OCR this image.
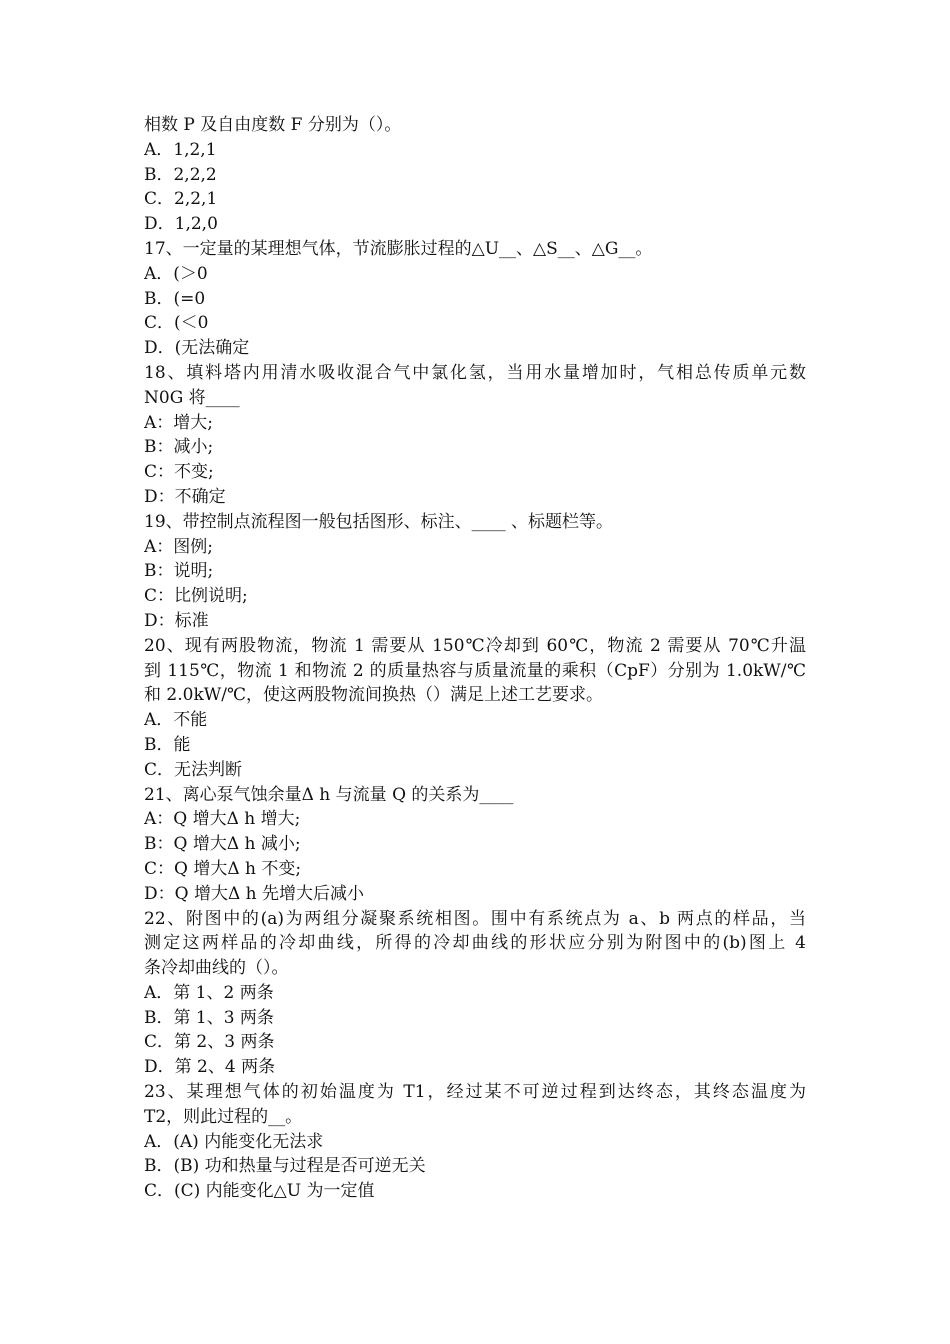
相数 P 及自由度数 F 分别为（）。
A．1,2,1
B．2,2,2
C．2,2,1
D．1,2,0
17、一定量的某理想气体，节流膨胀过程的△U__、△S__、△G__。
A．(＞0
B．(=0
C．(＜0
D．(无法确定
18、填料塔内用清水吸收混合气中氯化氢，当用水量增加时，气相总传质单元数
N0G 将____
A：增大;
B：减小;
C：不变;
D：不确定
19、带控制点流程图一般包括图形、标注、____ 、标题栏等。
A：图例;
B：说明;
C：比例说明;
D：标准
20、现有两股物流，物流 1 需要从 150℃冷却到 60℃，物流 2 需要从 70℃升温
到 115℃，物流 1 和物流 2 的质量热容与质量流量的乘积（CpF）分别为 1.0kW/℃
和 2.0kW/℃，使这两股物流间换热（）满足上述工艺要求。
A．不能
B．能
C．无法判断
21、离心泵气蚀余量Δ h 与流量 Q 的关系为____
A：Q 增大Δ h 增大;
B：Q 增大Δ h 减小;
C：Q 增大Δ h 不变;
D：Q 增大Δ h 先增大后减小
22、附图中的(a)为两组分凝聚系统相图。围中有系统点为 a、b 两点的样品，当
测定这两样品的冷却曲线，所得的冷却曲线的形状应分别为附图中的(b)图上 4
条冷却曲线的（）。
A．第 1、2 两条
B．第 1、3 两条
C．第 2、3 两条
D．第 2、4 两条
23、某理想气体的初始温度为 T1，经过某不可逆过程到达终态，其终态温度为
T2，则此过程的__。
A．(A) 内能变化无法求
B．(B) 功和热量与过程是否可逆无关
C．(C) 内能变化△U 为一定值
